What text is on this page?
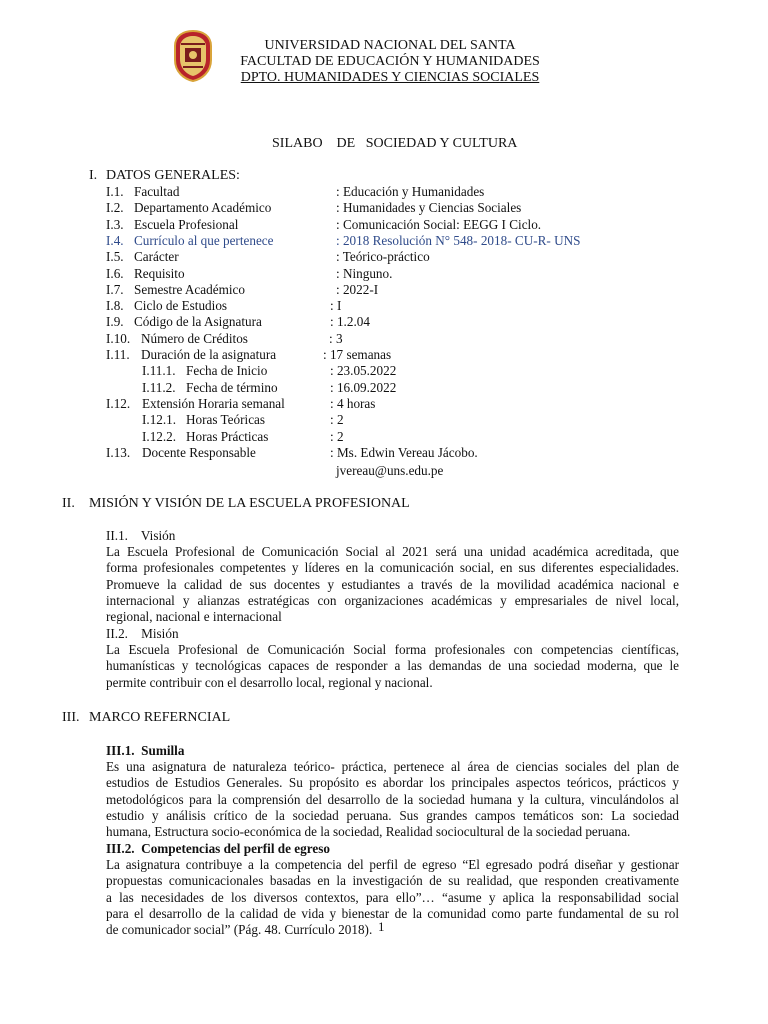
UNIVERSIDAD NACIONAL DEL SANTA
FACULTAD DE EDUCACIÓN Y HUMANIDADES
DPTO. HUMANIDADES Y CIENCIAS SOCIALES
SILABO    DE   SOCIEDAD Y CULTURA
I. DATOS GENERALES:
I.1. Facultad	: Educación y Humanidades
I.2. Departamento Académico	: Humanidades y Ciencias Sociales
I.3. Escuela Profesional	: Comunicación Social: EEGG I Ciclo.
I.4. Currículo al que pertenece	: 2018 Resolución N° 548- 2018- CU-R- UNS
I.5. Carácter	: Teórico-práctico
I.6. Requisito	: Ninguno.
I.7. Semestre Académico	: 2022-I
I.8. Ciclo de Estudios	: I
I.9. Código de la Asignatura	: 1.2.04
I.10. Número de Créditos	: 3
I.11. Duración de la asignatura	: 17 semanas
I.11.1. Fecha de Inicio	: 23.05.2022
I.11.2. Fecha de término	: 16.09.2022
I.12. Extensión Horaria semanal	: 4 horas
I.12.1. Horas Teóricas	: 2
I.12.2. Horas Prácticas	: 2
I.13. Docente Responsable	: Ms. Edwin Vereau Jácobo.
jvereau@uns.edu.pe
II. MISIÓN Y VISIÓN DE LA ESCUELA PROFESIONAL
II.1.    Visión
La Escuela Profesional de Comunicación Social al 2021 será una unidad académica acreditada, que
forma profesionales competentes y líderes en la comunicación social, en sus diferentes especialidades.
Promueve la calidad de sus docentes y estudiantes a través de la movilidad académica nacional e
internacional y alianzas estratégicas con organizaciones académicas y empresariales de nivel local,
regional, nacional e internacional
II.2.    Misión
La Escuela Profesional de Comunicación Social forma profesionales con competencias científicas,
humanísticas y tecnológicas capaces de responder a las demandas de una sociedad moderna, que le
permite contribuir con el desarrollo local, regional y nacional.
III. MARCO REFERNCIAL
III.1.  Sumilla
Es una asignatura de naturaleza teórico- práctica, pertenece al área de ciencias sociales del plan de
estudios de Estudios Generales. Su propósito es abordar los principales aspectos teóricos, prácticos y
metodológicos para la comprensión del desarrollo de la sociedad humana y la cultura, vinculándolos al
estudio y análisis crítico de la sociedad peruana. Sus grandes campos temáticos son: La sociedad
humana, Estructura socio-económica de la sociedad, Realidad sociocultural de la sociedad peruana.
III.2.  Competencias del perfil de egreso
La asignatura contribuye a la competencia del perfil de egreso “El egresado podrá diseñar y gestionar
propuestas comunicacionales basadas en la investigación de su realidad, que responden creativamente
a las necesidades de los diversos contextos, para ello”… “asume y aplica la responsabilidad social
para el desarrollo de la calidad de vida y bienestar de la comunidad como parte fundamental de su rol
de comunicador social” (Pág. 48. Currículo 2018). 1
